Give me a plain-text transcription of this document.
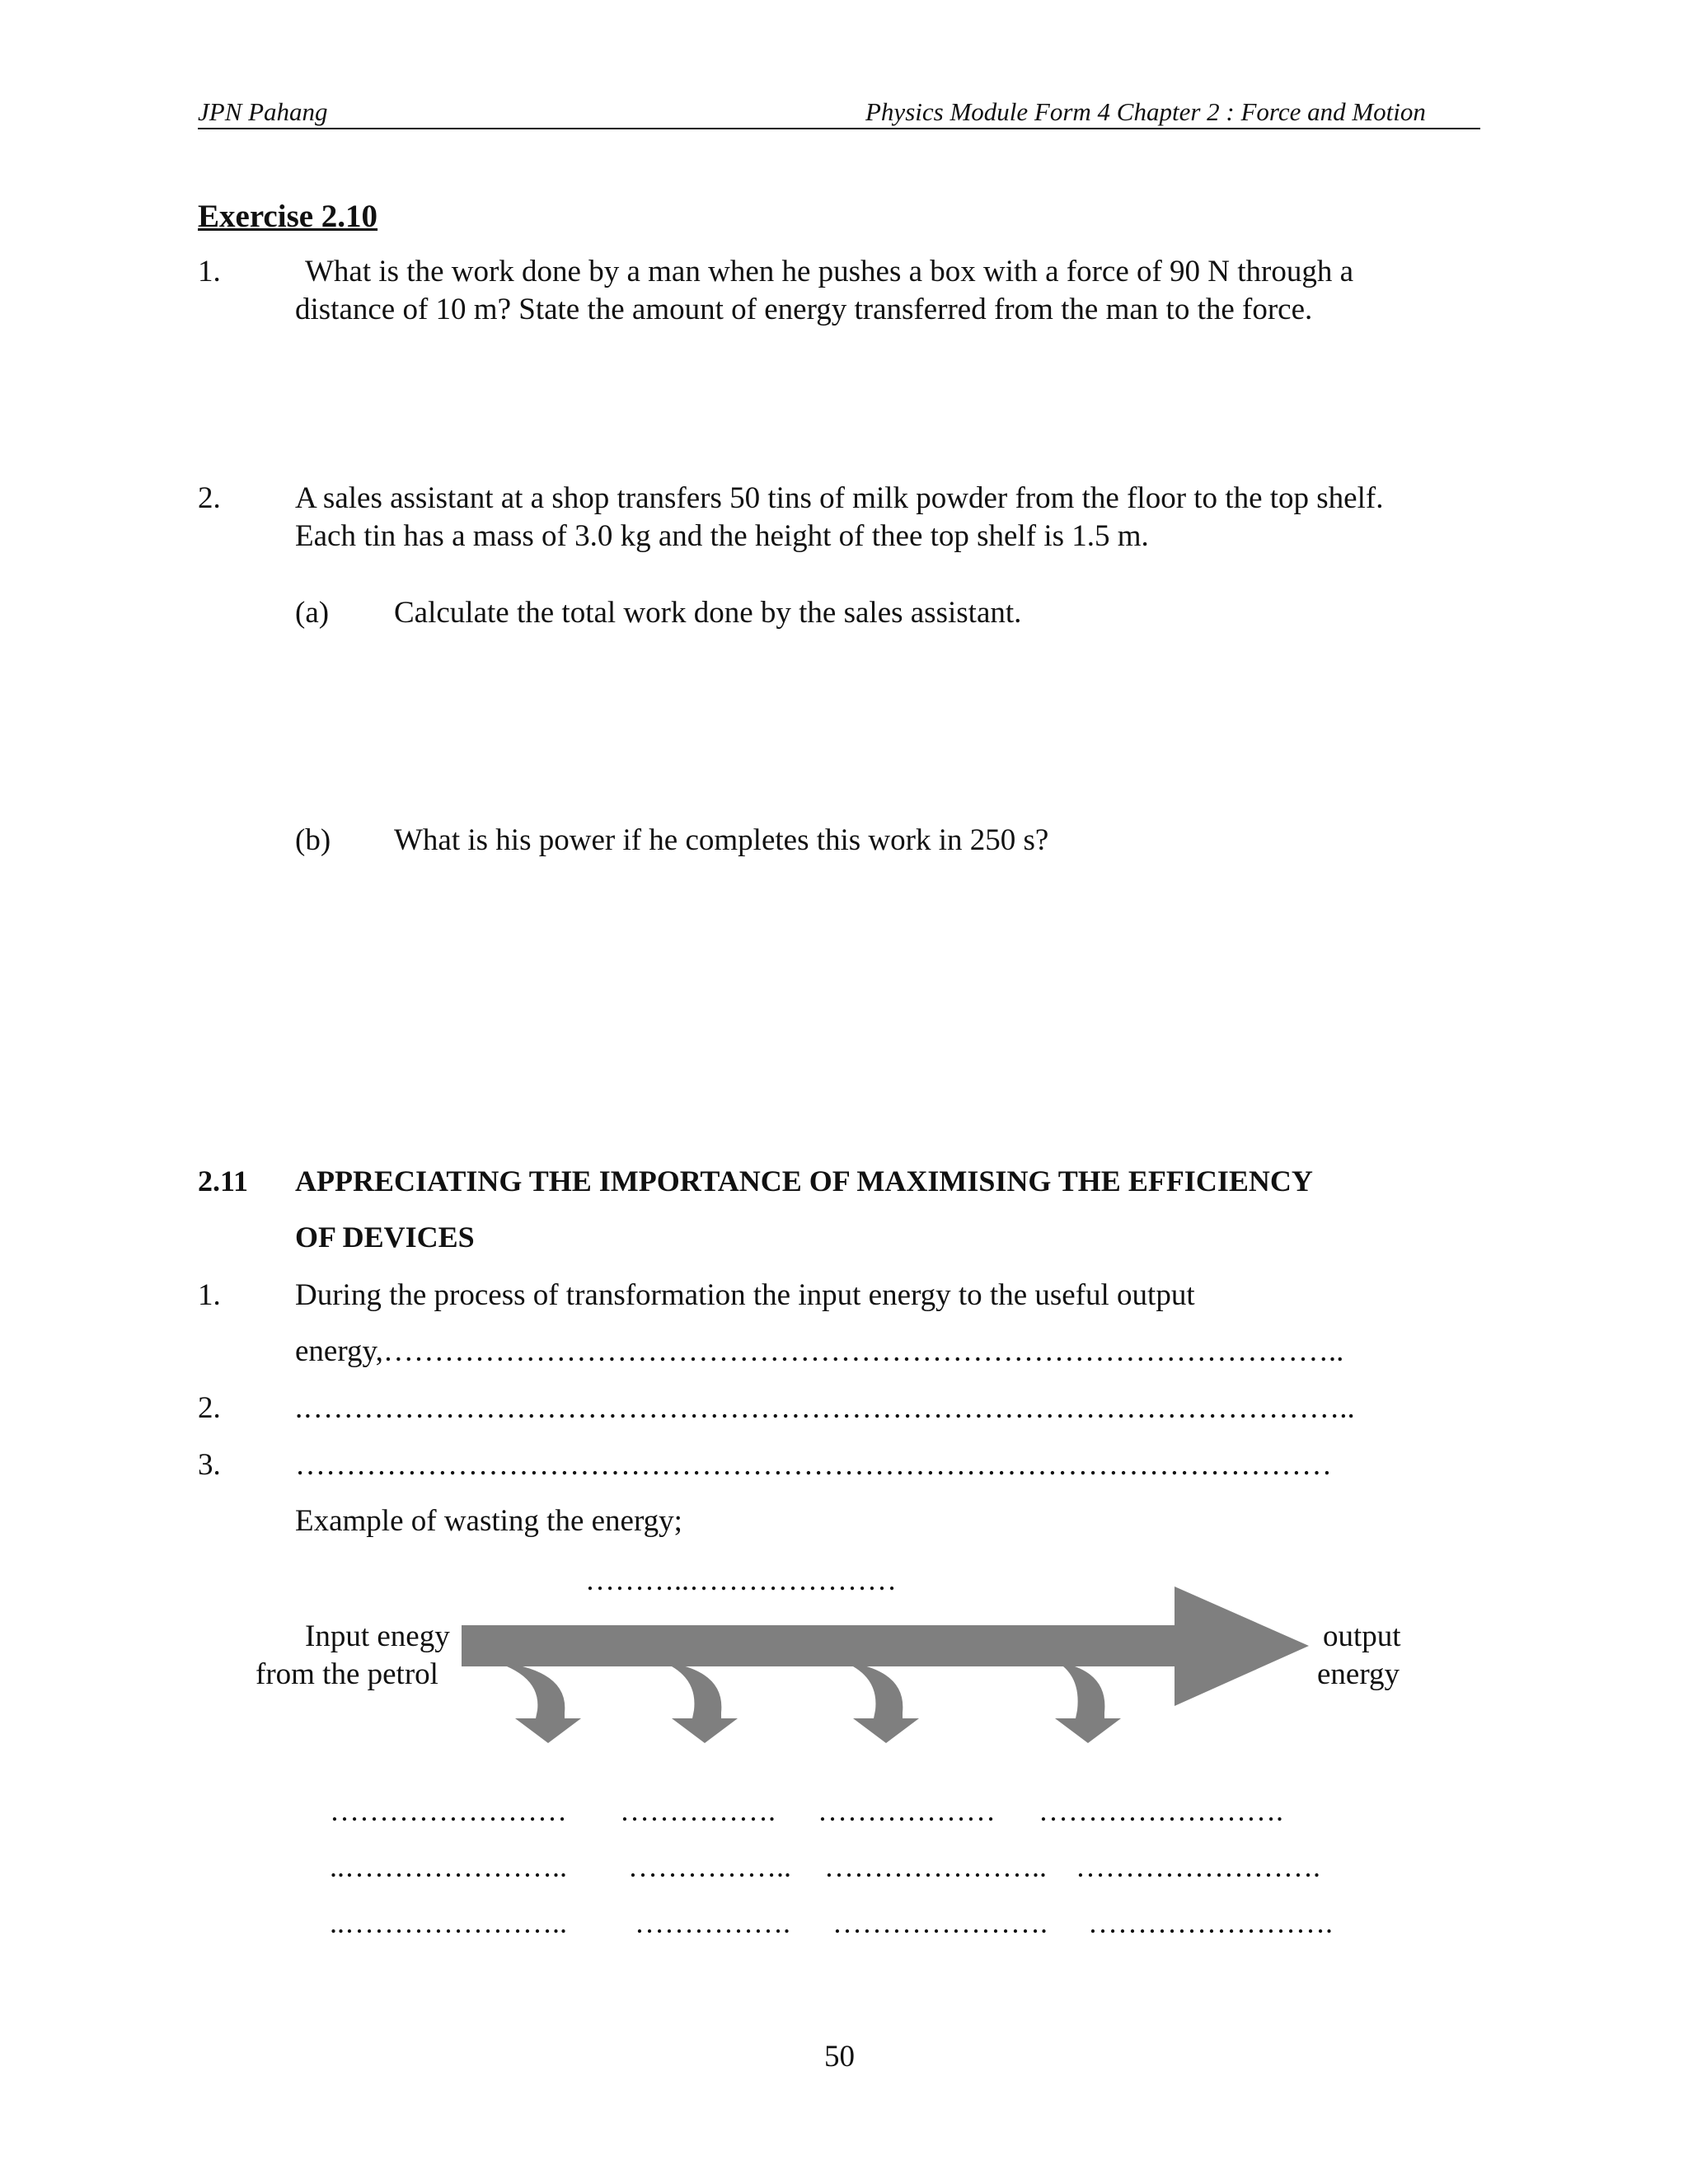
JPN Pahang	Physics Module Form 4 Chapter 2 : Force and Motion
Exercise 2.10
1.	What is the work done by a man when he pushes a box with a force of 90 N through a
distance of 10 m? State the amount of energy transferred from the man to the force.
2. A sales assistant at a shop transfers 50 tins of milk powder from the floor to the top shelf.
Each tin has a mass of 3.0 kg and the height of thee top shelf is 1.5 m.
(a) Calculate the total work done by the sales assistant.
(b) What is his power if he completes this work in 250 s?
2.11 APPRECIATING THE IMPORTANCE OF MAXIMISING THE EFFICIENCY
OF DEVICES
1. During the process of transformation the input energy to the useful output
energy,…………………………………………………………………………………..
2. .…………………………………………………………………………………………..
3. …………………………………………………………………………………………
Example of wasting the energy;
………..…………………
Input enegy
from the petrol
output
energy
…………………… ……………. ……………… …………………….
..………………….. …………….. ………………….. …………………….
..………………….. ……………. …………………. …………………….
50
